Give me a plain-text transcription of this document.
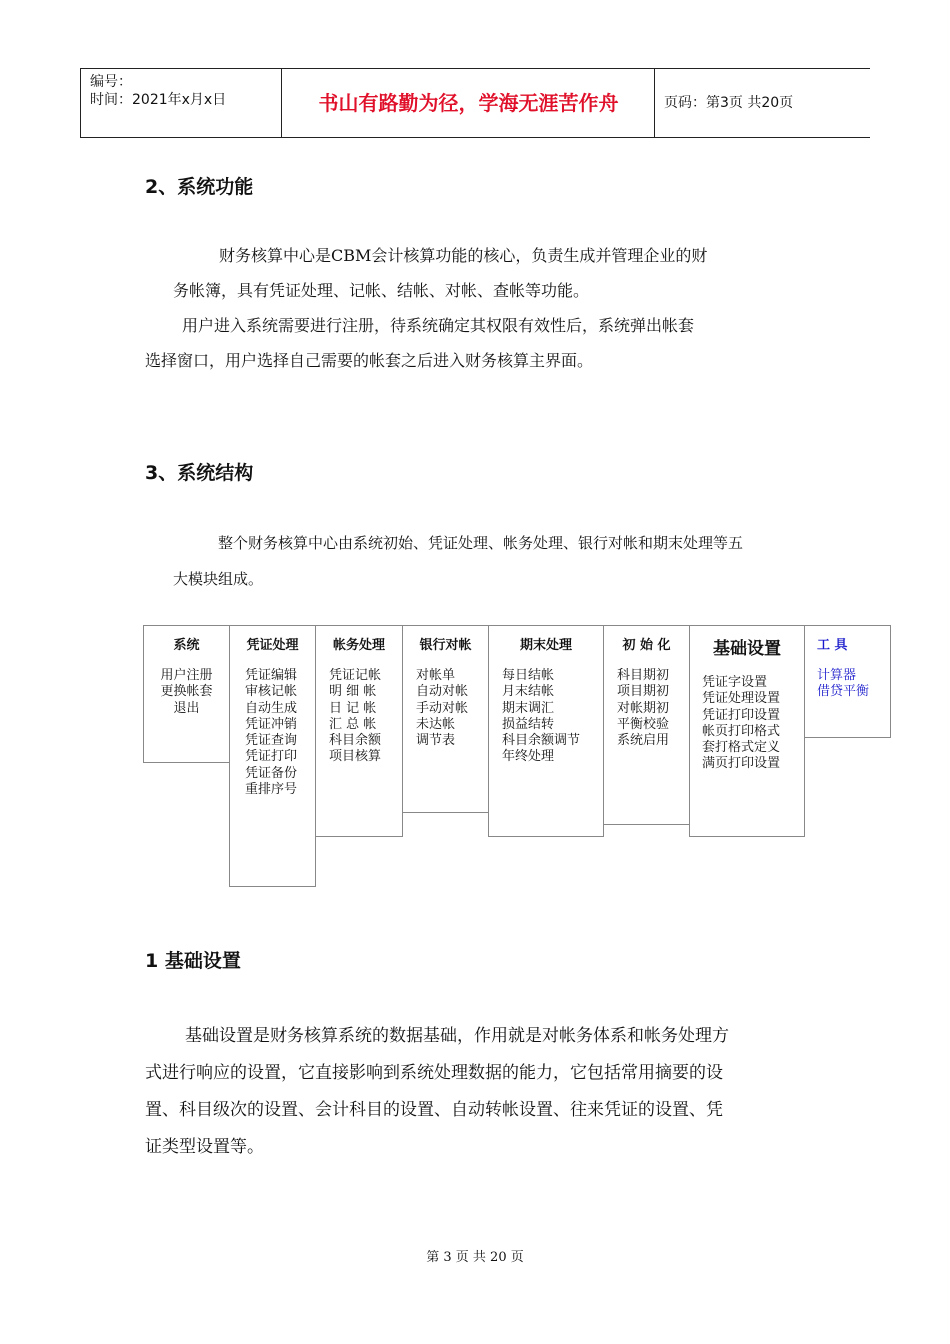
编号：
时间：2021年x月x日	书山有路勤为径，学海无涯苦作舟	页码：第3页 共20页
2、系统功能
财务核算中心是CBM会计核算功能的核心，负责生成并管理企业的财
务帐簿，具有凭证处理、记帐、结帐、对帐、查帐等功能。
用户进入系统需要进行注册，待系统确定其权限有效性后，系统弹出帐套
选择窗口，用户选择自己需要的帐套之后进入财务核算主界面。
3、系统结构
整个财务核算中心由系统初始、凭证处理、帐务处理、银行对帐和期末处理等五
大模块组成。
系统
用户注册
更换帐套
退出
凭证处理
凭证编辑
审核记帐
自动生成
凭证冲销
凭证查询
凭证打印
凭证备份
重排序号
帐务处理
凭证记帐
明 细 帐
日 记 帐
汇 总 帐
科目余额
项目核算
银行对帐
对帐单
自动对帐
手动对帐
未达帐
调节表
期末处理
每日结帐
月末结帐
期末调汇
损益结转
科目余额调节
年终处理
初 始 化
科目期初
项目期初
对帐期初
平衡校验
系统启用
基础设置
凭证字设置
凭证处理设置
凭证打印设置
帐页打印格式
套打格式定义
满页打印设置
工 具
计算器
借贷平衡
1 基础设置
基础设置是财务核算系统的数据基础，作用就是对帐务体系和帐务处理方
式进行响应的设置，它直接影响到系统处理数据的能力，它包括常用摘要的设
置、科目级次的设置、会计科目的设置、自动转帐设置、往来凭证的设置、凭
证类型设置等。
第 3 页 共 20 页
